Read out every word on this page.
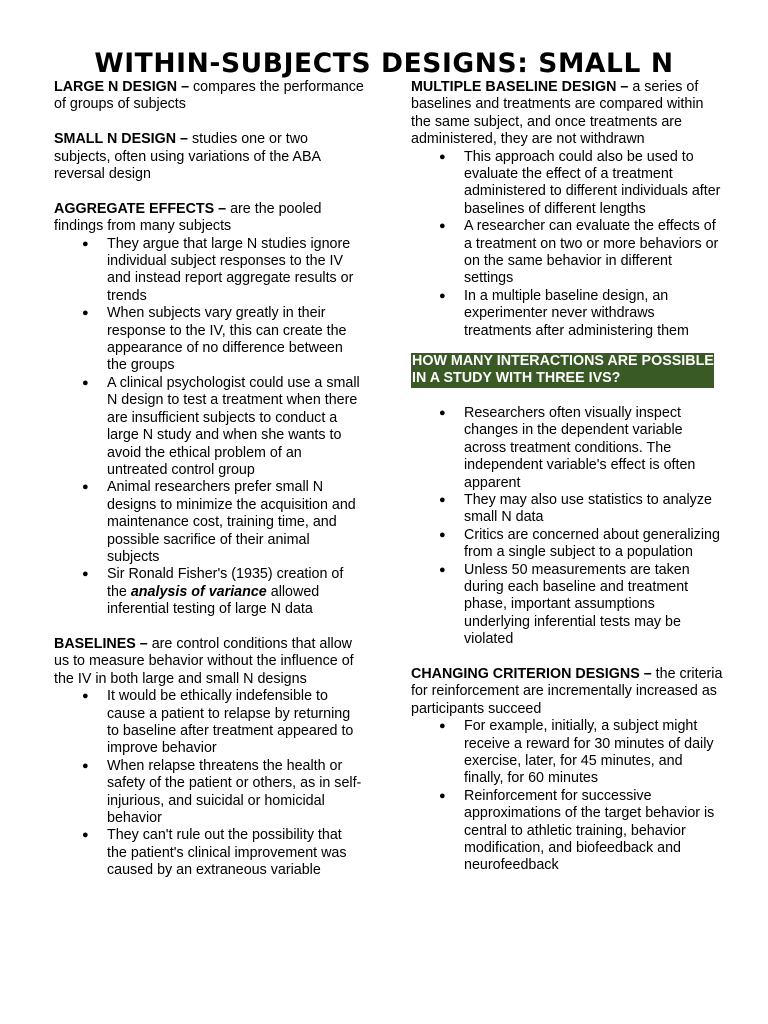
WITHIN-SUBJECTS DESIGNS: SMALL N

LARGE N DESIGN – compares the performance of groups of subjects

SMALL N DESIGN – studies one or two subjects, often using variations of the ABA reversal design

AGGREGATE EFFECTS – are the pooled findings from many subjects

● They argue that large N studies ignore individual subject responses to the IV and instead report aggregate results or trends
● When subjects vary greatly in their response to the IV, this can create the appearance of no difference between the groups
● A clinical psychologist could use a small N design to test a treatment when there are insufficient subjects to conduct a large N study and when she wants to avoid the ethical problem of an untreated control group
● Animal researchers prefer small N designs to minimize the acquisition and maintenance cost, training time, and possible sacrifice of their animal subjects
● Sir Ronald Fisher's (1935) creation of the analysis of variance allowed inferential testing of large N data

BASELINES – are control conditions that allow us to measure behavior without the influence of the IV in both large and small N designs

● It would be ethically indefensible to cause a patient to relapse by returning to baseline after treatment appeared to improve behavior
● When relapse threatens the health or safety of the patient or others, as in self-injurious, and suicidal or homicidal behavior
● They can't rule out the possibility that the patient's clinical improvement was caused by an extraneous variable

MULTIPLE BASELINE DESIGN – a series of baselines and treatments are compared within the same subject, and once treatments are administered, they are not withdrawn

● This approach could also be used to evaluate the effect of a treatment administered to different individuals after baselines of different lengths
● A researcher can evaluate the effects of a treatment on two or more behaviors or on the same behavior in different settings
● In a multiple baseline design, an experimenter never withdraws treatments after administering them
HOW MANY INTERACTIONS ARE POSSIBLE IN A STUDY WITH THREE IVS?
● Researchers often visually inspect changes in the dependent variable across treatment conditions. The independent variable's effect is often apparent
● They may also use statistics to analyze small N data
● Critics are concerned about generalizing from a single subject to a population
● Unless 50 measurements are taken during each baseline and treatment phase, important assumptions underlying inferential tests may be violated

CHANGING CRITERION DESIGNS – the criteria for reinforcement are incrementally increased as participants succeed

● For example, initially, a subject might receive a reward for 30 minutes of daily exercise, later, for 45 minutes, and finally, for 60 minutes
● Reinforcement for successive approximations of the target behavior is central to athletic training, behavior modification, and biofeedback and neurofeedback
